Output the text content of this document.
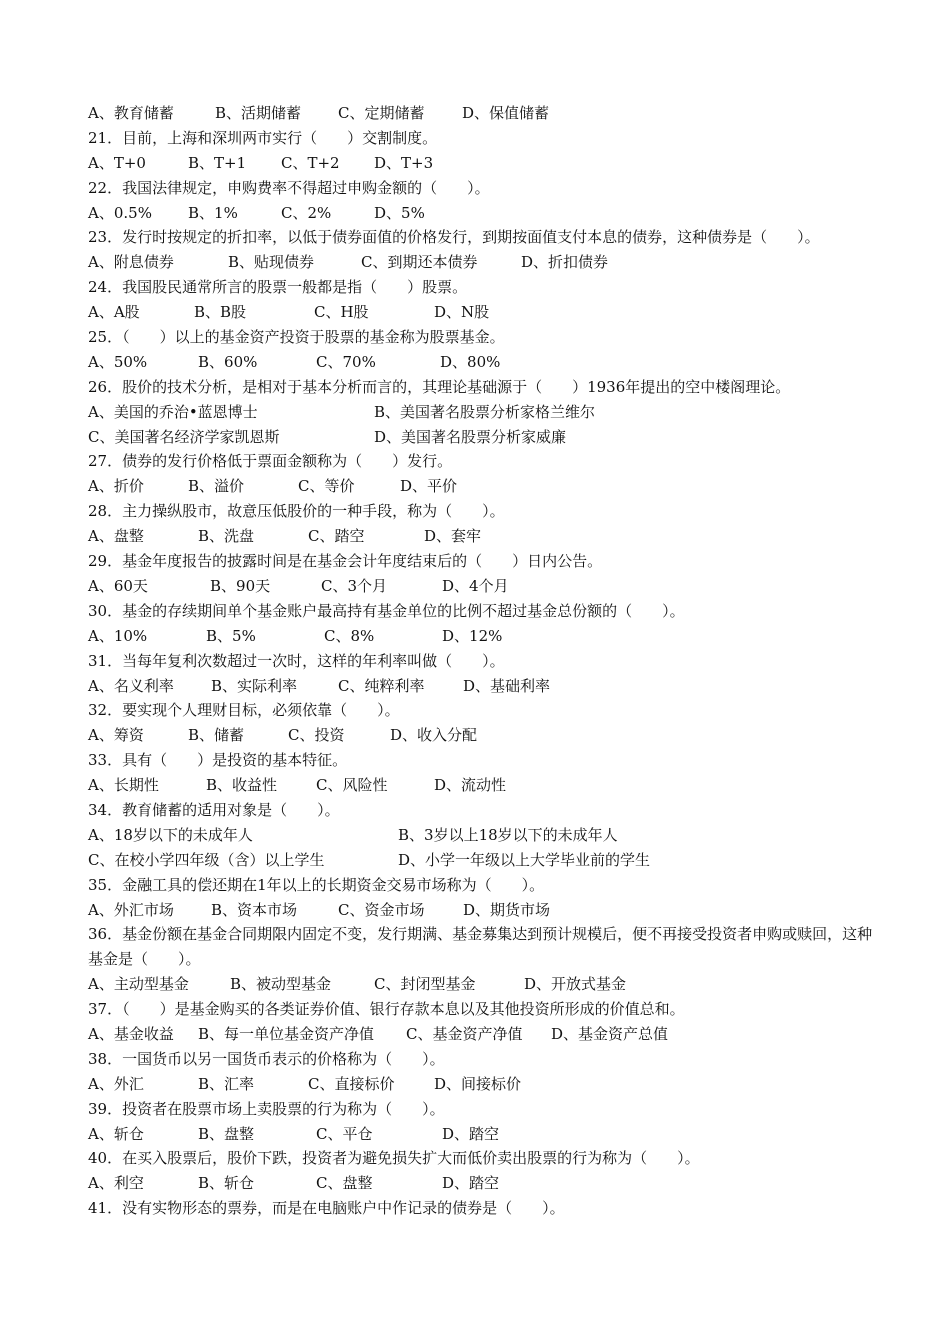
A、教育储蓄	B、活期储蓄 C、定期储蓄	D、保值储蓄
21．目前，上海和深圳两市实行（　　）交割制度。
A、T+0	B、T+1 C、T+2 D、T+3
22．我国法律规定，申购费率不得超过申购金额的（　　）。
A、0.5% B、1%	C、2%	D、5%
23．发行时按规定的折扣率，以低于债券面值的价格发行，到期按面值支付本息的债券，这种债券是（　　）。
A、附息债券	B、贴现债券	C、到期还本债券	D、折扣债券
24．我国股民通常所言的股票一般都是指（　　）股票。
A、A股	B、B股	C、H股	D、N股
25．（　　）以上的基金资产投资于股票的基金称为股票基金。
A、50%	B、60%	C、70%	D、80%
26．股价的技术分析，是相对于基本分析而言的，其理论基础源于（　　）1936年提出的空中楼阁理论。
A、美国的乔治•蓝恩博士	B、美国著名股票分析家格兰维尔
C、美国著名经济学家凯恩斯	D、美国著名股票分析家威廉
27．债券的发行价格低于票面金额称为（　　）发行。
A、折价	B、溢价	C、等价	D、平价
28．主力操纵股市，故意压低股价的一种手段，称为（　　）。
A、盘整	B、洗盘	C、踏空	D、套牢
29．基金年度报告的披露时间是在基金会计年度结束后的（　　）日内公告。
A、60天	B、90天	C、3个月	D、4个月
30．基金的存续期间单个基金账户最高持有基金单位的比例不超过基金总份额的（　　）。
A、10%	B、5%	C、8%	D、12%
31．当每年复利次数超过一次时，这样的年利率叫做（　　）。
A、名义利率 B、实际利率	C、纯粹利率	D、基础利率
32．要实现个人理财目标，必须依靠（　　）。
A、筹资	B、储蓄	C、投资	D、收入分配
33．具有（　　）是投资的基本特征。
A、长期性	B、收益性	C、风险性	D、流动性
34．教育储蓄的适用对象是（　　）。
A、18岁以下的未成年人	B、3岁以上18岁以下的未成年人
C、在校小学四年级（含）以上学生	D、小学一年级以上大学毕业前的学生
35．金融工具的偿还期在1年以上的长期资金交易市场称为（　　）。
A、外汇市场 B、资本市场	C、资金市场	D、期货市场
36．基金份额在基金合同期限内固定不变，发行期满、基金募集达到预计规模后，便不再接受投资者申购或赎回，这种基金是（　　）。
A、主动型基金	B、被动型基金	C、封闭型基金	D、开放式基金
37．（　　）是基金购买的各类证券价值、银行存款本息以及其他投资所形成的价值总和。
A、基金收益 B、每一单位基金资产净值 C、基金资产净值 D、基金资产总值
38．一国货币以另一国货币表示的价格称为（　　）。
A、外汇	B、汇率	C、直接标价	D、间接标价
39．投资者在股票市场上卖股票的行为称为（　　）。
A、斩仓	B、盘整	C、平仓	D、踏空
40．在买入股票后，股价下跌，投资者为避免损失扩大而低价卖出股票的行为称为（　　）。
A、利空	B、斩仓	C、盘整	D、踏空
41．没有实物形态的票券，而是在电脑账户中作记录的债券是（　　）。
